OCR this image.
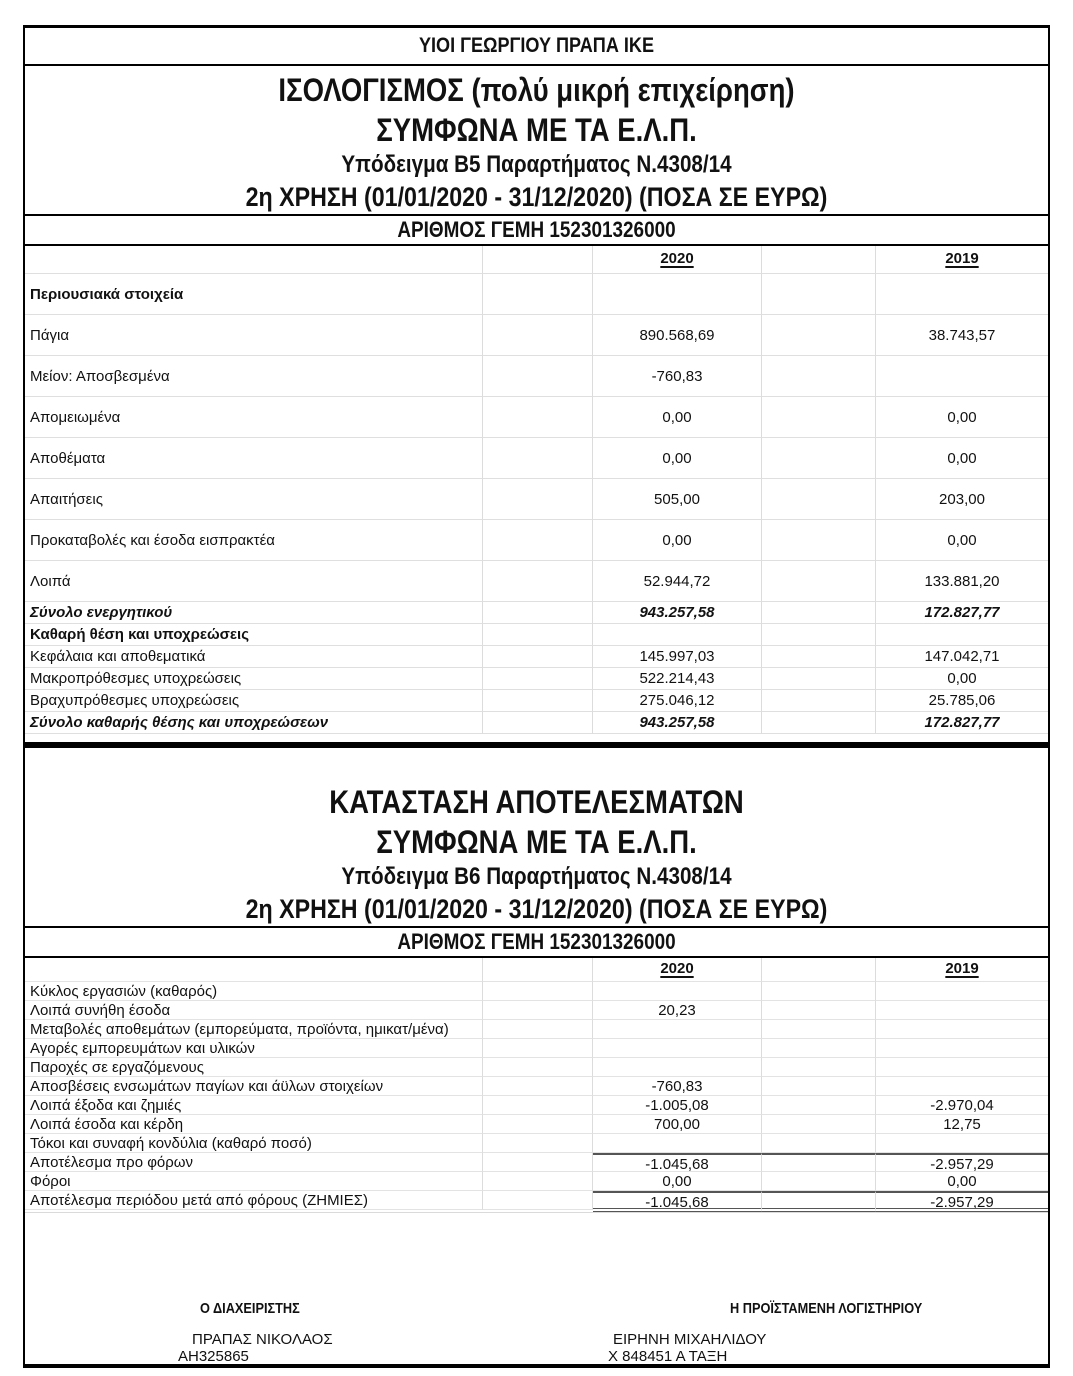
ΥΙΟΙ ΓΕΩΡΓΙΟΥ ΠΡΑΠΑ ΙΚΕ
ΙΣΟΛΟΓΙΣΜΟΣ (πολύ μικρή επιχείρηση)
ΣΥΜΦΩΝΑ ΜΕ ΤΑ Ε.Λ.Π.
Υπόδειγμα Β5 Παραρτήματος Ν.4308/14
2η ΧΡΗΣΗ (01/01/2020 - 31/12/2020) (ΠΟΣΑ ΣΕ ΕΥΡΩ)
ΑΡΙΘΜΟΣ ΓΕΜΗ 152301326000
2020	2019
Περιουσιακά στοιχεία
Πάγια	890.568,69	38.743,57
Μείον: Αποσβεσμένα	-760,83
Απομειωμένα	0,00	0,00
Αποθέματα	0,00	0,00
Απαιτήσεις	505,00	203,00
Προκαταβολές και έσοδα εισπρακτέα	0,00	0,00
Λοιπά	52.944,72	133.881,20
Σύνολο ενεργητικού	943.257,58	172.827,77
Καθαρή θέση και υποχρεώσεις
Κεφάλαια και αποθεματικά	145.997,03	147.042,71
Μακροπρόθεσμες υποχρεώσεις	522.214,43	0,00
Βραχυπρόθεσμες υποχρεώσεις	275.046,12	25.785,06
Σύνολο καθαρής θέσης και υποχρεώσεων	943.257,58	172.827,77
ΚΑΤΑΣΤΑΣΗ ΑΠΟΤΕΛΕΣΜΑΤΩΝ
ΣΥΜΦΩΝΑ ΜΕ ΤΑ Ε.Λ.Π.
Υπόδειγμα Β6 Παραρτήματος Ν.4308/14
2η ΧΡΗΣΗ (01/01/2020 - 31/12/2020) (ΠΟΣΑ ΣΕ ΕΥΡΩ)
ΑΡΙΘΜΟΣ ΓΕΜΗ 152301326000
2020	2019
Κύκλος εργασιών (καθαρός)
Λοιπά συνήθη έσοδα	20,23
Μεταβολές αποθεμάτων (εμπορεύματα, προϊόντα, ημικατ/μένα)
Αγορές εμπορευμάτων και υλικών
Παροχές σε εργαζόμενους
Αποσβέσεις ενσωμάτων παγίων και άϋλων στοιχείων	-760,83
Λοιπά έξοδα και ζημιές	-1.005,08	-2.970,04
Λοιπά έσοδα και κέρδη	700,00	12,75
Τόκοι και συναφή κονδύλια (καθαρό ποσό)
Αποτέλεσμα προ φόρων	-1.045,68	-2.957,29
Φόροι	0,00	0,00
Αποτέλεσμα περιόδου μετά από φόρους (ΖΗΜΙΕΣ)	-1.045,68	-2.957,29
Ο ΔΙΑΧΕΙΡΙΣΤΗΣ	Η ΠΡΟΪΣΤΑΜΕΝΗ ΛΟΓΙΣΤΗΡΙΟΥ
ΠΡΑΠΑΣ ΝΙΚΟΛΑΟΣ
ΑΗ325865
ΕΙΡΗΝΗ ΜΙΧΑΗΛΙΔΟΥ
Χ 848451 Α ΤΑΞΗ
